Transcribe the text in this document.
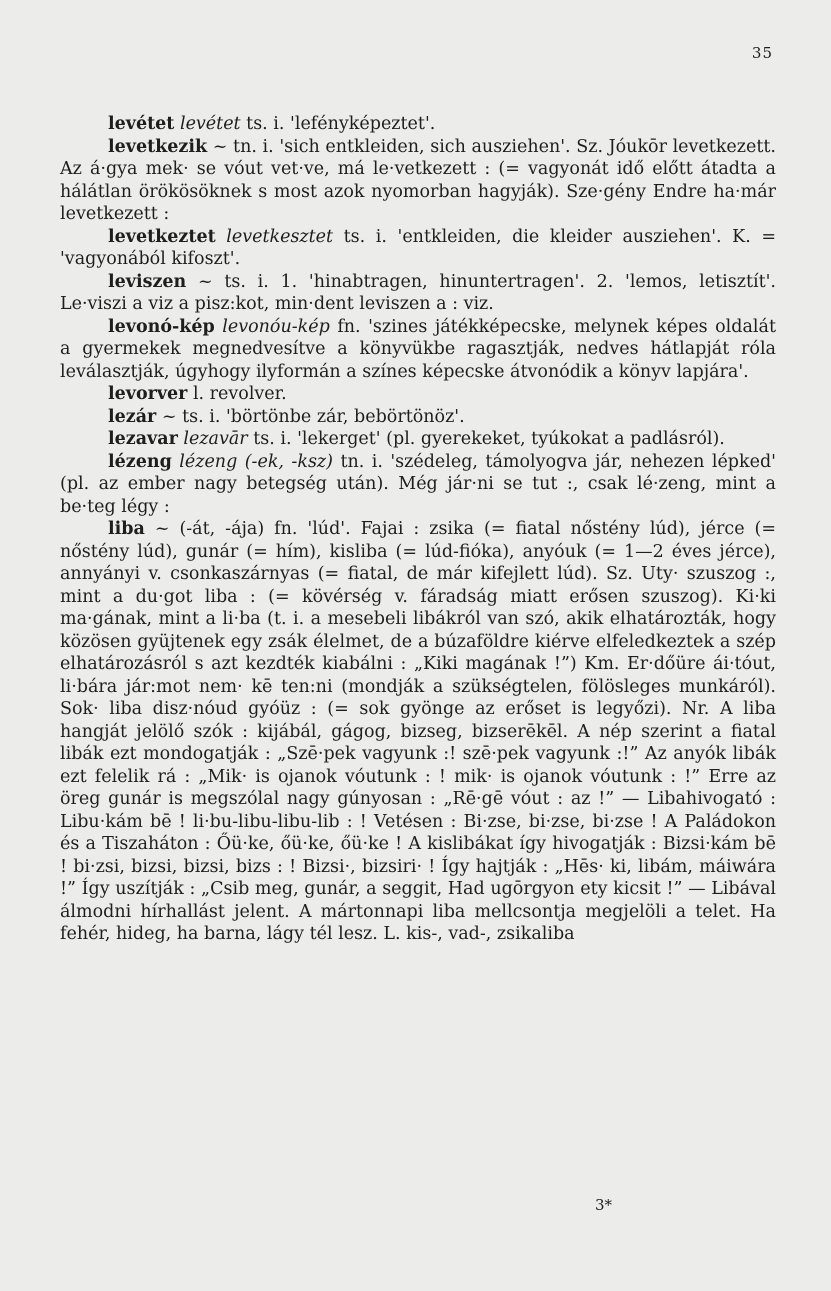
35

levétet levétet ts. i. 'lefényképeztet'.

levetkezik ~ tn. i. 'sich entkleiden, sich ausziehen'. Sz. Jóukōr levetkezett. Az á·gyа mek· se vóut vet·ve, má le·vetkezett : (= vagyonát idő előtt átadta a hálátlan örökösöknek s most azok nyomorban hagyják). Sze·gény Endre ha·már levetkezett :

levetkeztet levetkesztet ts. i. 'entkleiden, die kleider ausziehen'. K. = 'vagyonából kifoszt'.

leviszen ~ ts. i. 1. 'hinabtragen, hinuntertragen'. 2. 'lemos, letisztít'. Le·viszi a viz a pisz:kot, min·dent leviszen a : viz.

levonó-kép levonóu-kép fn. 'szines játékképecske, melynek képes oldalát a gyermekek megnedvesítve a könyvükbe ragasztják, nedves hátlapját róla leválasztják, úgyhogy ilyformán a színes képecske átvonódik a könyv lapjára'.

levorver l. revolver.

lezár ~ ts. i. 'börtönbe zár, bebörtönöz'.

lezavar lezavār ts. i. 'lekerget' (pl. gyerekeket, tyúkokat a padlásról).

lézeng lézeng (-ek, -ksz) tn. i. 'szédeleg, támolyogva jár, nehezen lépked' (pl. az ember nagy betegség után). Még jár·ni se tut :, csak lé·zeng, mint a be·teg légy :

liba ~ (-át, -ája) fn. 'lúd'. Fajai : zsika (= fiatal nőstény lúd), jérce (= nőstény lúd), gunár (= hím), kisliba (= lúd-fióka), anyóuk (= 1—2 éves jérce), annyányi v. csonkaszárnyas (= fiatal, de már kifejlett lúd). Sz. Uty· szuszog :, mint a du·got liba : (= kövérség v. fáradság miatt erősen szuszog). Ki·ki ma·gának, mint a li·ba (t. i. a mesebeli libákról van szó, akik elhatározták, hogy közösen gyüjtenek egy zsák élelmet, de a búzaföldre kiérve elfeledkeztek a szép elhatározásról s azt kezdték kiabálni : „Kiki magának !”) Km. Er·dőüre ái·tóut, li·bára jár:mot nem· kē ten:ni (mondják a szükségtelen, fölösleges munkáról). Sok· liba disz·nóud gyóüz : (= sok gyönge az erőset is legyőzi). Nr. A liba hangját jelölő szók : kijábál, gágog, bizseg, bizserēkēl. A nép szerint a fiatal libák ezt mondogatják : „Szē·pek vagyunk :! szē·pek vagyunk :!” Az anyók libák ezt felelik rá : „Mik· is ojanok vóutunk : ! mik· is ojanok vóutunk : !” Erre az öreg gunár is megszólal nagy gúnyosan : „Rē·gē vóut : az !” — Libahivogató : Libu·kám bē ! li·bu-libu-libu-lib : ! Vetésen : Bi·zse, bi·zse, bi·zse ! A Paládokon és a Tiszaháton : Őü·ke, őü·ke, őü·ke ! A kislibákat így hivogatják : Bizsi·kám bē ! bi·zsi, bizsi, bizsi, bizs : ! Bizsi·, bizsiri· ! Így hajtják : „Hēs· ki, libám, máiwára !” Így uszítják : „Csib meg, gunár, a seggit, Had ugōrgyon ety kicsit !” — Libával álmodni hírhallást jelent. A mártonnapi liba mellcsontja megjelöli a telet. Ha fehér, hideg, ha barna, lágy tél lesz. L. kis-, vad-, zsikaliba

3*
